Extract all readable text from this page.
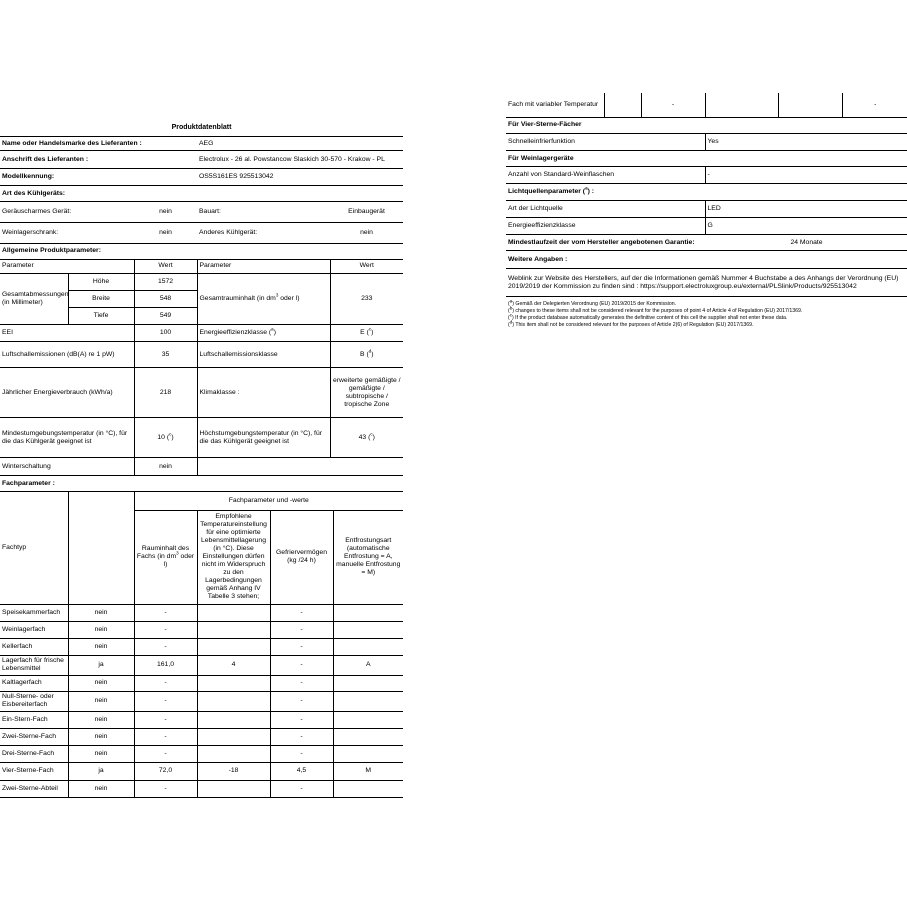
Produktdatenblatt	
Name oder Handelsmarke des Lieferanten :	AEG
Anschrift des Lieferanten :	Electrolux - 26 al. Powstancow Slaskich 30-570 - Krakow - PL
Modellkennung:	OS5S161ES 925513042
Art des Kühlgeräts:	
Geräuscharmes Gerät:	nein	Bauart:	Einbaugerät
Weinlagerschrank:	nein	Anderes Kühlgerät:	nein
Allgemeine Produktparameter:			
Parameter		Wert	Parameter	Wert
Gesamtabmessungen (in Millimeter)	Höhe	1572	Gesamtrauminhalt (in $dm^3$ oder l)	233
	Breite	548		
	Tiefe	549		
EEI		100	Energieeffizienzklasse ($^a$)	E ($^c$)
Luftschallemissionen (dB(A) re 1 pW)		35	Luftschallemissionsklasse	B ($^d$)
Jährlicher Energieverbrauch (kWh/a)		218	Klimaklasse :	erweiterte gemäßigte / gemäßigte / subtropische / tropische Zone
Mindestumgebungstemperatur (in °C), für die das Kühlgerät geeignet ist		10 ($^c$)	Höchstumgebungstemperatur (in °C), für die das Kühlgerät geeignet ist	43 ($^c$)
Winterschaltung		nein		
Fachparameter :				
Fachtyp		Fachparameter und -werte			
		Rauminhalt des Fachs (in $dm^3$ oder l)	Empfohlene Temperatureinstellung für eine optimierte Lebensmittellagerung (in °C). Diese Einstellungen dürfen nicht im Widerspruch zu den Lagerbedingungen gemäß Anhang IV Tabelle 3 stehen;	Gefriervermögen (kg /24 h)	Entfrostungsart (automatische Entfrostung = A, manuelle Entfrostung = M)
Speisekammerfach	nein	-		-	
Weinlagerfach	nein	-		-	
Kellerfach	nein	-		-	
Lagerfach für frische Lebensmittel	ja	161,0	4	-	A
Kaltlagerfach	nein	-		-	
Null-Sterne- oder Eisbereiterfach	nein	-		-	
Ein-Stern-Fach	nein	-		-	
Zwei-Sterne-Fach	nein	-		-	
Drei-Sterne-Fach	nein	-		-	
Vier-Sterne-Fach	ja	72,0	-18	4,5	M
Zwei-Sterne-Abteil	nein	-		-	
Fach mit variabler Temperatur		-			-
Für Vier-Sterne-Fächer	
Schnelleinfrierfunktion	Yes
Für Weinlagergeräte	
Anzahl von Standard-Weinflaschen	-
Lichtquellenparameter ($^a$) :	
Art der Lichtquelle	LED
Energieeffizienzklasse	G
Mindestlaufzeit der vom Hersteller angebotenen Garantie:	24 Monate
Weitere Angaben :	
Weblink zur Website des Herstellers, auf der die Informationen gemäß Nummer 4 Buchstabe a des Anhangs der Verordnung (EU) 2019/2019 der Kommission zu finden sind : https://support.electroluxgroup.eu/external/PLSlink/Products/925513042	
($^a$) Gemäß der Delegierten Verordnung (EU) 2019/2015 der Kommission.
($^b$) changes to these items shall not be considered relevant for the purposes of point 4 of Article 4 of Regulation (EU) 2017/1369.
($^c$) If the product database automatically generates the definitive content of this cell the supplier shall not enter these data.
($^d$) This item shall not be considered relevant for the purposes of Article 2(6) of Regulation (EU) 2017/1369.
